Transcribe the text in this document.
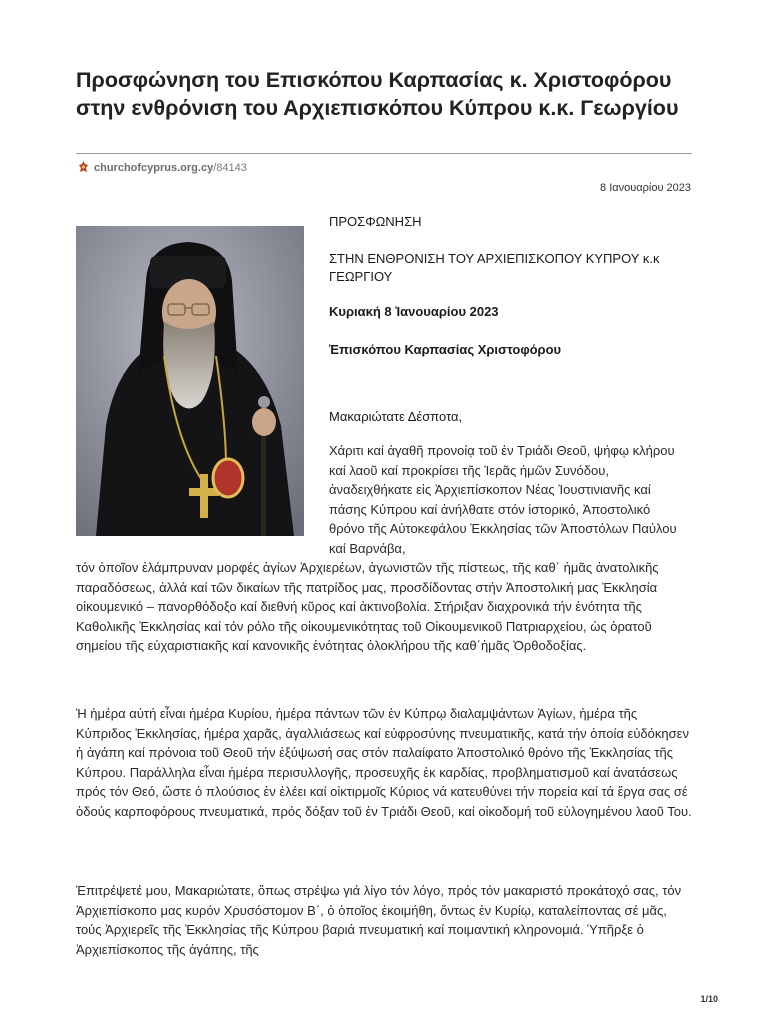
Προσφώνηση του Επισκόπου Καρπασίας κ. Χριστοφόρου στην ενθρόνιση του Αρχιεπισκόπου Κύπρου κ.κ. Γεωργίου
churchofcyprus.org.cy /84143
8 Ιανουαρίου 2023

ΠΡΟΣΦΩΝΗΣΗ

ΣΤΗΝ ΕΝΘΡΟΝΙΣΗ ΤΟΥ ΑΡΧΙΕΠΙΣΚΟΠΟΥ ΚΥΠΡΟΥ κ.κ ΓΕΩΡΓΙΟΥ

Κυριακή 8 Ἰανουαρίου 2023

Ἐπισκόπου Καρπασίας Χριστοφόρου

Μακαριώτατε Δέσποτα,

Χάριτι καί ἀγαθῆ προνοίᾳ τοῦ ἐν Τριάδι Θεοῦ, ψήφῳ κλήρου καί λαοῦ καί προκρίσει τῆς Ἱερᾶς ἡμῶν Συνόδου, ἀναδειχθήκατε εἰς Ἀρχιεπίσκοπον Νέας Ἰουστινιανῆς καί πάσης Κύπρου καί ἀνήλθατε στόν ἱστορικό, Ἀποστολικό θρόνο τῆς Αὐτοκεφάλου Ἐκκλησίας τῶν Ἀποστόλων Παύλου καί Βαρνάβα,

τόν ὁποῖον ἐλάμπρυναν μορφές ἁγίων Ἀρχιερέων, ἀγωνιστῶν τῆς πίστεως, τῆς καθ΄ ἡμᾶς ἀνατολικῆς παραδόσεως, ἀλλά καί τῶν δικαίων τῆς πατρίδος μας, προσδίδοντας στήν Ἀποστολική μας Ἐκκλησία οἰκουμενικό – πανορθόδοξο καί διεθνή κῦρος καί ἀκτινοβολία. Στήριξαν διαχρονικά τήν ἑνότητα τῆς Καθολικῆς Ἐκκλησίας καί τόν ρόλο τῆς οἰκουμενικότητας τοῦ Οἰκουμενικοῦ Πατριαρχείου, ὡς ὁρατοῦ σημείου τῆς εὐχαριστιακῆς καί κανονικῆς ἑνότητας ὁλοκλήρου τῆς καθ΄ἡμᾶς Ὀρθοδοξίας.

Ἡ ἡμέρα αὐτή εἶναι ἡμέρα Κυρίου, ἡμέρα πάντων τῶν ἐν Κύπρῳ διαλαμψάντων Ἁγίων, ἡμέρα τῆς Κύπριδος Ἐκκλησίας, ἡμέρα χαρᾶς, ἀγαλλιάσεως καί εὐφροσύνης πνευματικῆς, κατά τήν ὁποία εὐδόκησεν ἡ ἀγάπη καί πρόνοια τοῦ Θεοῦ τήν ἐξύψωσή σας στόν παλαίφατο Ἀποστολικό θρόνο τῆς Ἐκκλησίας τῆς Κύπρου. Παράλληλα εἶναι ἡμέρα περισυλλογῆς, προσευχῆς ἐκ καρδίας, προβληματισμοῦ καί ἀνατάσεως πρός τόν Θεό, ὥστε ὁ πλούσιος ἐν ἐλέει καί οἰκτιρμοῖς Κύριος νά κατευθύνει τήν πορεία καί τά ἔργα σας σέ ὁδούς καρποφόρους πνευματικά, πρός δόξαν τοῦ ἐν Τριάδι Θεοῦ, καί οἰκοδομή τοῦ εὐλογημένου λαοῦ Του.

Ἐπιτρέψετέ μου, Μακαριώτατε, ὅπως στρέψω γιά λίγο τόν λόγο, πρός τόν μακαριστό προκάτοχό σας, τόν Ἀρχιεπίσκοπο μας κυρόν Χρυσόστομον Β΄, ὁ ὁποῖος ἐκοιμήθη, ὄντως ἐν Κυρίῳ, καταλείποντας σέ μᾶς, τούς Ἀρχιερεῖς τῆς Ἐκκλησίας τῆς Κύπρου βαριά πνευματική καί ποιμαντική κληρονομιά. Ὑπῆρξε ὁ Ἀρχιεπίσκοπος τῆς ἀγάπης, τῆς

1/10
